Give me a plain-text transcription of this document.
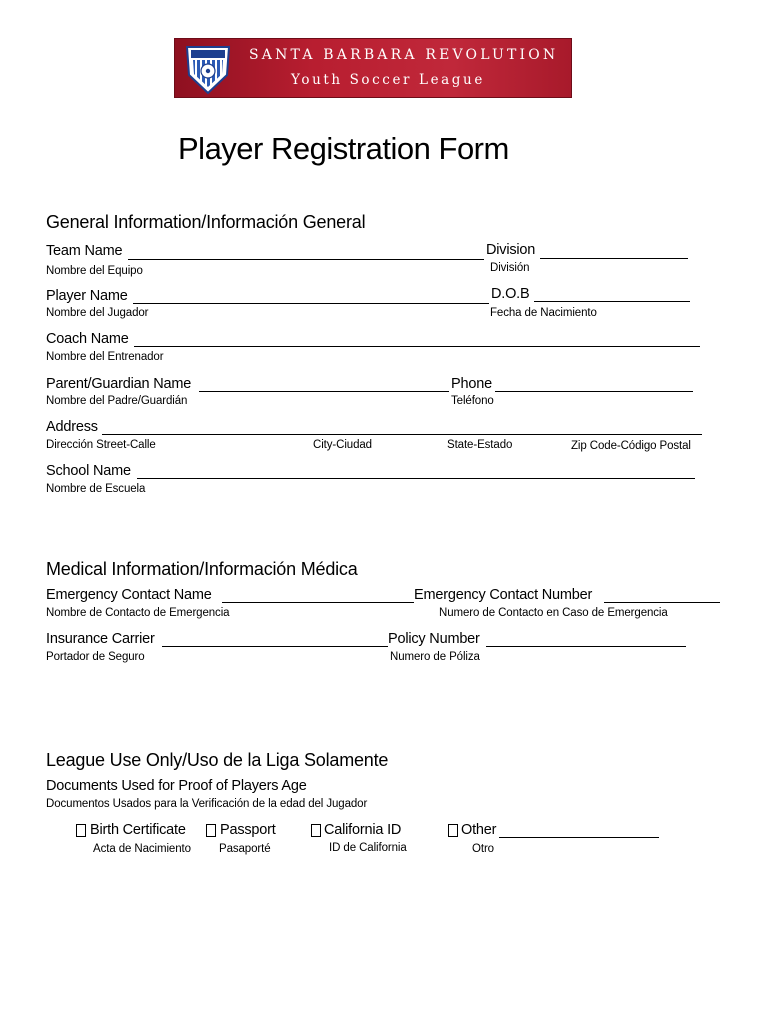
SANTA BARBARA REVOLUTION
Youth Soccer League
Player Registration Form
General Information/Información General
Team Name	Division
Nombre del Equipo	División
Player Name	D.O.B
Nombre del Jugador	Fecha de Nacimiento
Coach Name
Nombre del Entrenador
Parent/Guardian Name	Phone
Nombre del Padre/Guardián	Teléfono
Address
Dirección Street-Calle	City-Ciudad	State-Estado	Zip Code-Código Postal
School Name
Nombre de Escuela
Medical Information/Información Médica
Emergency Contact Name	Emergency Contact Number
Nombre de Contacto de Emergencia	Numero de Contacto en Caso de Emergencia
Insurance Carrier	Policy Number
Portador de Seguro	Numero de Póliza
League Use Only/Uso de la Liga Solamente
Documents Used for Proof of Players Age
Documentos Usados para la Verificación de la edad del Jugador
Birth Certificate
Acta de Nacimiento
Passport
Pasaporté
California ID
ID de California
Other
Otro
